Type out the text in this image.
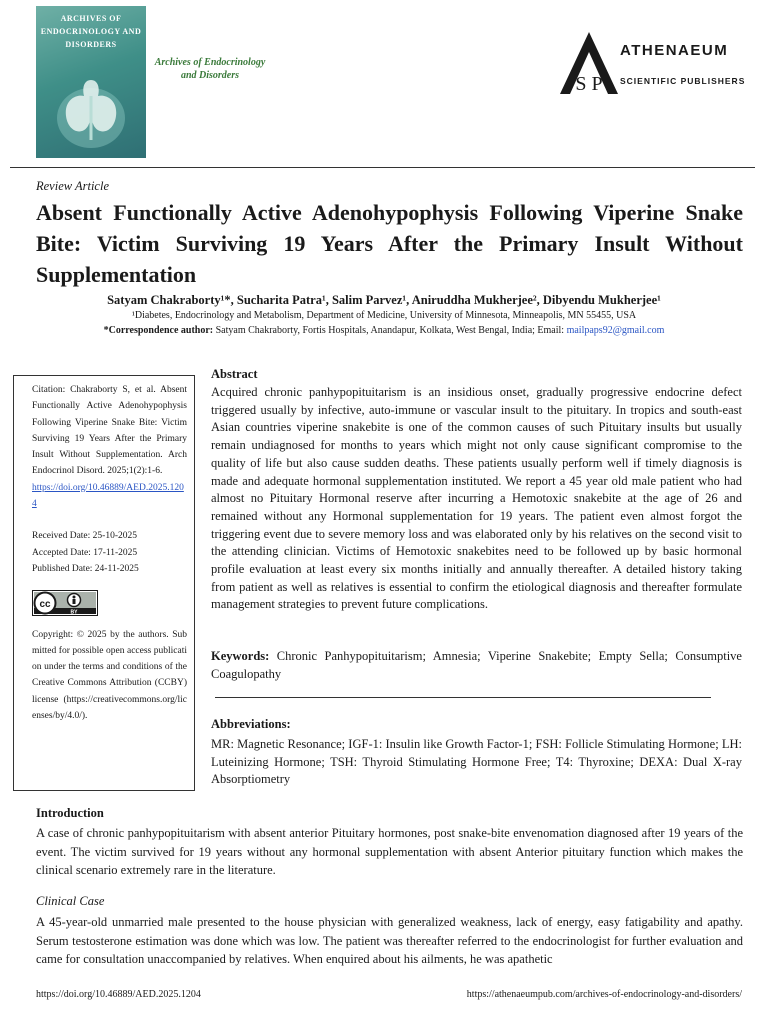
ARCHIVES OF
ENDOCRINOLOGY AND
DISORDERS
Archives of Endocrinology
and Disorders	S P
ATHENAEUM
SCIENTIFIC PUBLISHERS
Review Article
Absent Functionally Active Adenohypophysis Following Viperine Snake Bite: Victim Surviving 19 Years After the Primary Insult Without Supplementation
Satyam Chakraborty¹*, Sucharita Patra¹, Salim Parvez¹, Aniruddha Mukherjee², Dibyendu Mukherjee¹
¹Diabetes, Endocrinology and Metabolism, Department of Medicine, University of Minnesota, Minneapolis, MN 55455, USA
*Correspondence author: Satyam Chakraborty, Fortis Hospitals, Anandapur, Kolkata, West Bengal, India; Email: mailpaps92@gmail.com
Citation: Chakraborty S, et al. Absent Functionally Active Adenohypophysis Following Viperine Snake Bite: Victim Surviving 19 Years After the Primary Insult Without Supplementation. Arch Endocrinol Disord. 2025;1(2):1-6.
https://doi.org/10.46889/AED.2025.1204

Received Date: 25-10-2025

Accepted Date: 17-11-2025

Published Date: 24-11-2025

cc
BY
Copyright: © 2025 by the authors. Submitted for possible open access publication under the terms and conditions of the Creative Commons Attribution (CCBY) license (https://creativecommons.org/licenses/by/4.0/).
Abstract
Acquired chronic panhypopituitarism is an insidious onset, gradually progressive endocrine defect triggered usually by infective, auto-immune or vascular insult to the pituitary. In tropics and south-east Asian countries viperine snakebite is one of the common causes of such Pituitary insults but usually remain undiagnosed for months to years which might not only cause significant compromise to the quality of life but also cause sudden deaths. These patients usually perform well if timely diagnosis is made and adequate hormonal supplementation instituted. We report a 45 year old male patient who had almost no Pituitary Hormonal reserve after incurring a Hemotoxic snakebite at the age of 26 and remained without any Hormonal supplementation for 19 years. The patient even almost forgot the triggering event due to severe memory loss and was elaborated only by his relatives on the second visit to the attending clinician. Victims of Hemotoxic snakebites need to be followed up by basic hormonal profile evaluation at least every six months initially and annually thereafter. A detailed history taking from patient as well as relatives is essential to confirm the etiological diagnosis and thereafter formulate management strategies to prevent future complications.
Keywords: Chronic Panhypopituitarism; Amnesia; Viperine Snakebite; Empty Sella; Consumptive Coagulopathy
Abbreviations:
MR: Magnetic Resonance; IGF-1: Insulin like Growth Factor-1; FSH: Follicle Stimulating Hormone; LH: Luteinizing Hormone; TSH: Thyroid Stimulating Hormone Free; T4: Thyroxine; DEXA: Dual X-ray Absorptiometry
Introduction
A case of chronic panhypopituitarism with absent anterior Pituitary hormones, post snake-bite envenomation diagnosed after 19 years of the event. The victim survived for 19 years without any hormonal supplementation with absent Anterior pituitary function which makes the clinical scenario extremely rare in the literature.
Clinical Case
A 45-year-old unmarried male presented to the house physician with generalized weakness, lack of energy, easy fatigability and apathy. Serum testosterone estimation was done which was low. The patient was thereafter referred to the endocrinologist for further evaluation and came for consultation unaccompanied by relatives. When enquired about his ailments, he was apathetic
https://doi.org/10.46889/AED.2025.1204	https://athenaeumpub.com/archives-of-endocrinology-and-disorders/
